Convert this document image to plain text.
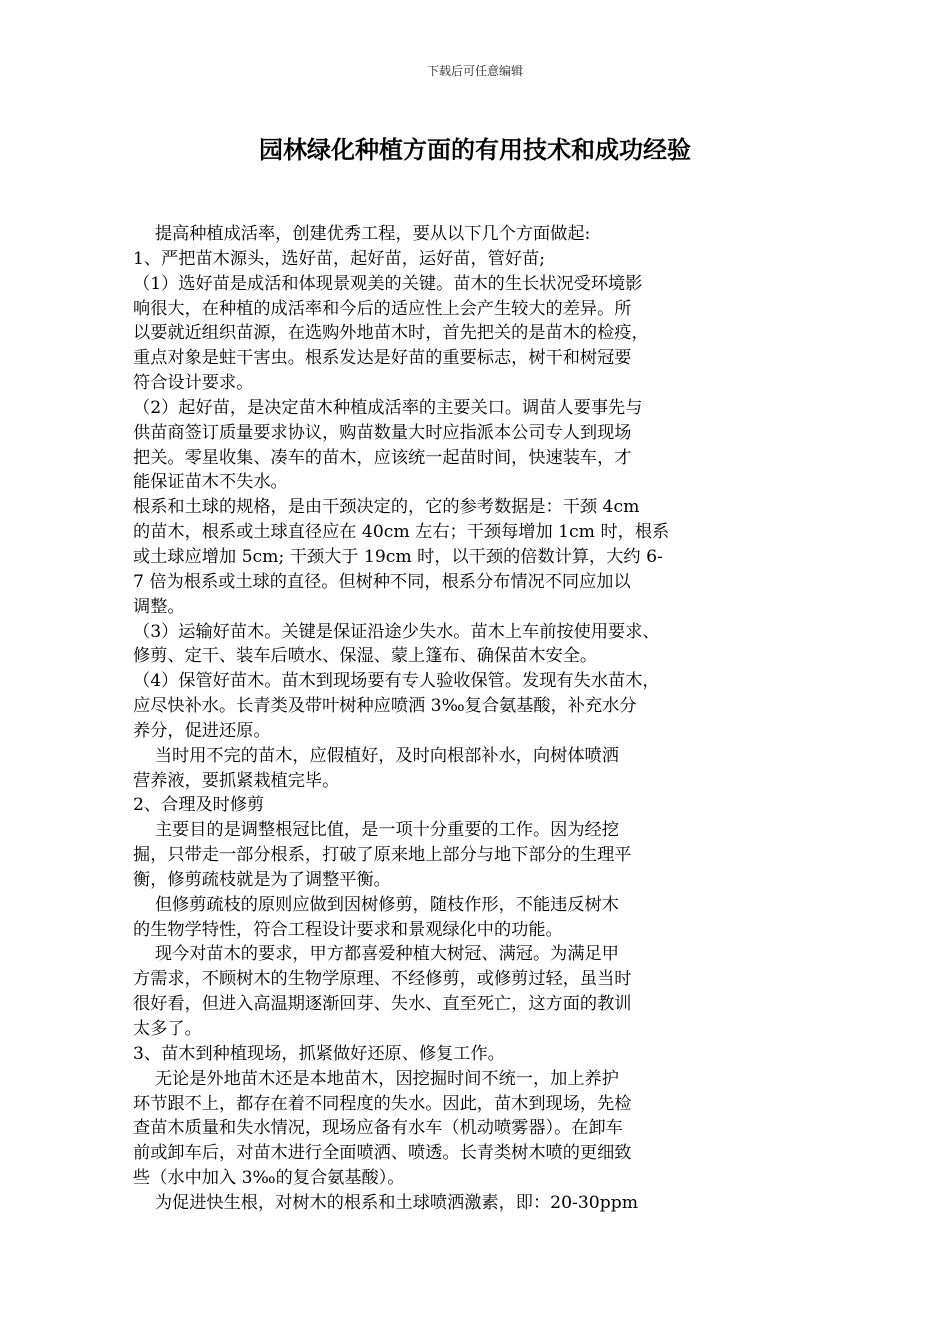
下载后可任意编辑
园林绿化种植方面的有用技术和成功经验
提高种植成活率，创建优秀工程，要从以下几个方面做起:
1、严把苗木源头，选好苗，起好苗，运好苗，管好苗;
（1）选好苗是成活和体现景观美的关键。苗木的生长状况受环境影
响很大，在种植的成活率和今后的适应性上会产生较大的差异。所
以要就近组织苗源，在选购外地苗木时，首先把关的是苗木的检疫，
重点对象是蛀干害虫。根系发达是好苗的重要标志，树干和树冠要
符合设计要求。
（2）起好苗，是决定苗木种植成活率的主要关口。调苗人要事先与
供苗商签订质量要求协议，购苗数量大时应指派本公司专人到现场
把关。零星收集、凑车的苗木，应该统一起苗时间，快速装车，才
能保证苗木不失水。
根系和土球的规格，是由干颈决定的，它的参考数据是：干颈 4cm
的苗木，根系或土球直径应在 40cm 左右；干颈每增加 1cm 时，根系
或土球应增加 5cm; 干颈大于 19cm 时，以干颈的倍数计算，大约 6-
7 倍为根系或土球的直径。但树种不同，根系分布情况不同应加以
调整。
（3）运输好苗木。关键是保证沿途少失水。苗木上车前按使用要求、
修剪、定干、装车后喷水、保湿、蒙上篷布、确保苗木安全。
（4）保管好苗木。苗木到现场要有专人验收保管。发现有失水苗木，
应尽快补水。长青类及带叶树种应喷洒 3‰复合氨基酸，补充水分
养分，促进还原。
当时用不完的苗木，应假植好，及时向根部补水，向树体喷洒
营养液，要抓紧栽植完毕。
2、合理及时修剪
主要目的是调整根冠比值，是一项十分重要的工作。因为经挖
掘，只带走一部分根系，打破了原来地上部分与地下部分的生理平
衡，修剪疏枝就是为了调整平衡。
但修剪疏枝的原则应做到因树修剪，随枝作形，不能违反树木
的生物学特性，符合工程设计要求和景观绿化中的功能。
现今对苗木的要求，甲方都喜爱种植大树冠、满冠。为满足甲
方需求，不顾树木的生物学原理、不经修剪，或修剪过轻，虽当时
很好看，但进入高温期逐渐回芽、失水、直至死亡，这方面的教训
太多了。
3、苗木到种植现场，抓紧做好还原、修复工作。
无论是外地苗木还是本地苗木，因挖掘时间不统一，加上养护
环节跟不上，都存在着不同程度的失水。因此，苗木到现场，先检
查苗木质量和失水情况，现场应备有水车（机动喷雾器）。在卸车
前或卸车后，对苗木进行全面喷洒、喷透。长青类树木喷的更细致
些（水中加入 3‰的复合氨基酸）。
为促进快生根，对树木的根系和土球喷洒激素，即：20-30ppm
